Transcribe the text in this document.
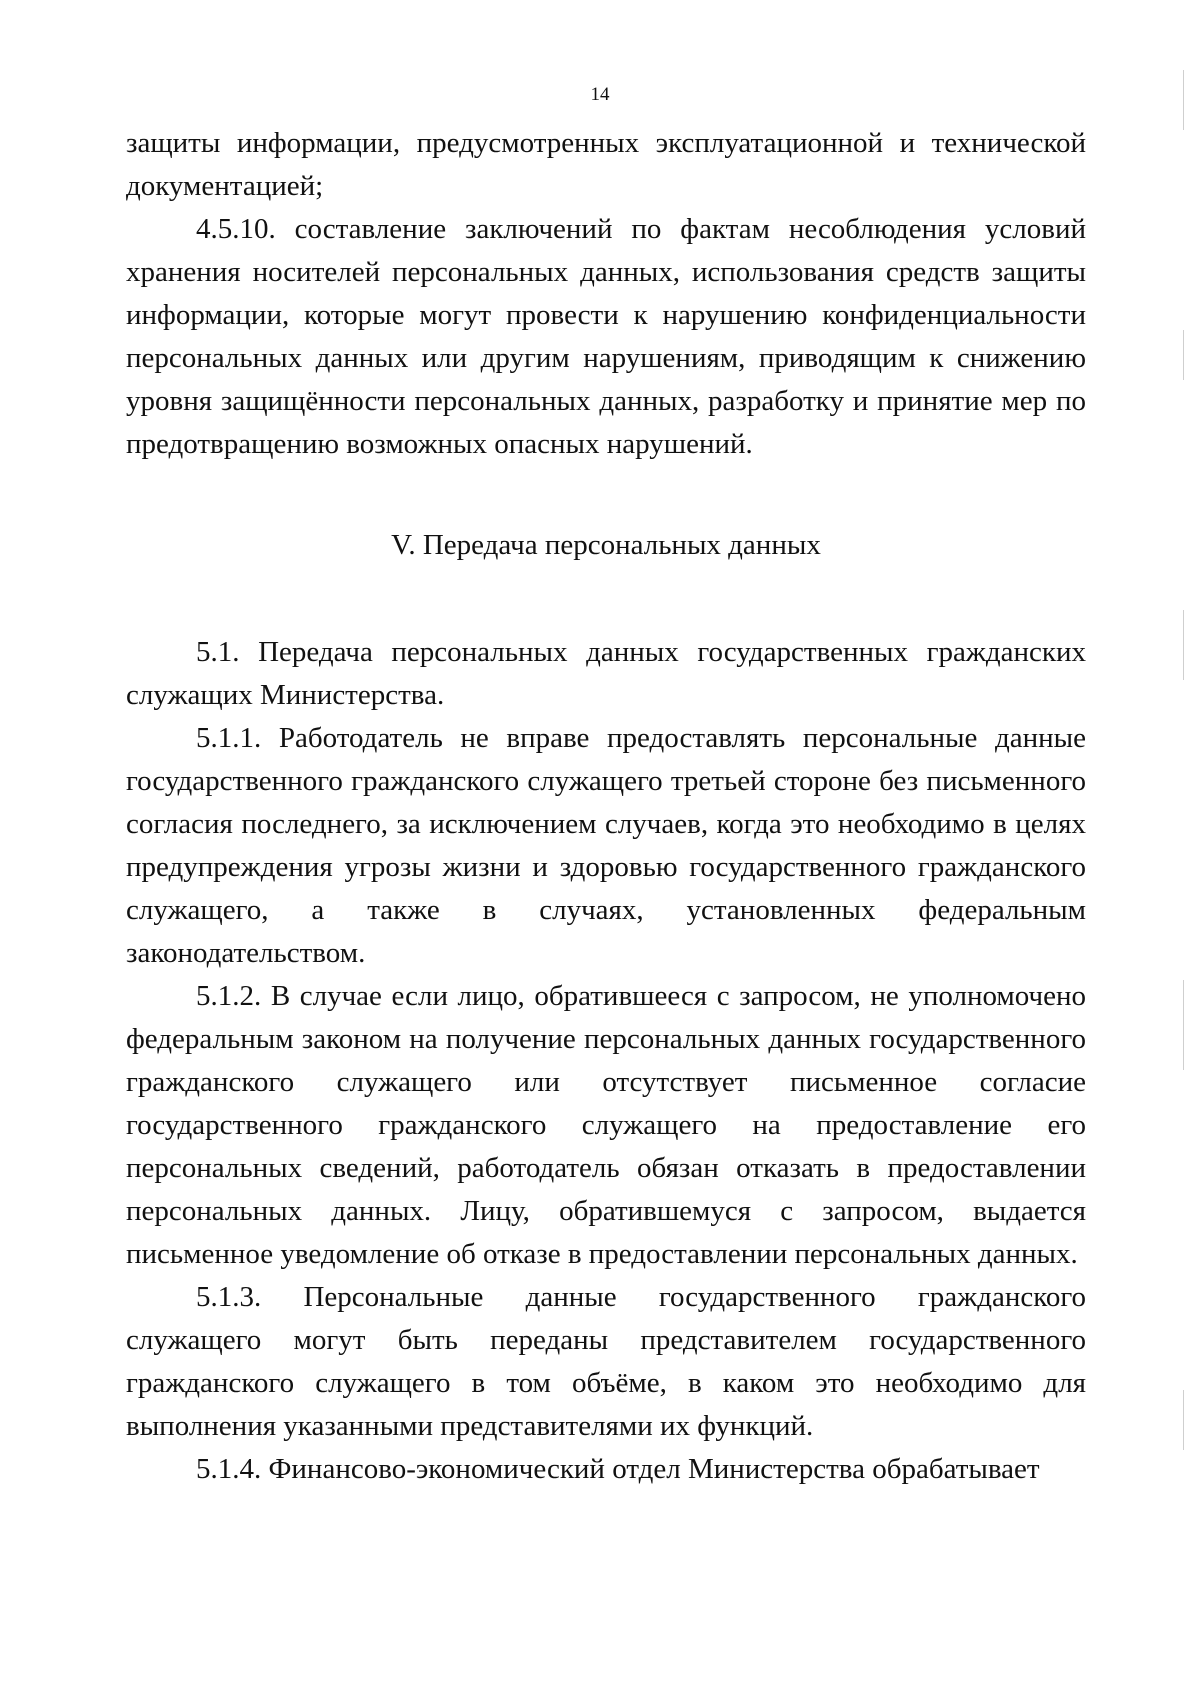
14

защиты информации, предусмотренных эксплуатационной и технической документацией;

4.5.10. составление заключений по фактам несоблюдения условий хранения носителей персональных данных, использования средств защиты информации, которые могут провести к нарушению конфиденциальности персональных данных или другим нарушениям, приводящим к снижению уровня защищённости персональных данных, разработку и принятие мер по предотвращению возможных опасных нарушений.

V. Передача персональных данных

5.1. Передача персональных данных государственных гражданских служащих Министерства.

5.1.1. Работодатель не вправе предоставлять персональные данные государственного гражданского служащего третьей стороне без письменного согласия последнего, за исключением случаев, когда это необходимо в целях предупреждения угрозы жизни и здоровью государственного гражданского служащего, а также в случаях, установленных федеральным законодательством.

5.1.2. В случае если лицо, обратившееся с запросом, не уполномочено федеральным законом на получение персональных данных государственного гражданского служащего или отсутствует письменное согласие государственного гражданского служащего на предоставление его персональных сведений, работодатель обязан отказать в предоставлении персональных данных. Лицу, обратившемуся с запросом, выдается письменное уведомление об отказе в предоставлении персональных данных.

5.1.3. Персональные данные государственного гражданского служащего могут быть переданы представителем государственного гражданского служащего в том объёме, в каком это необходимо для выполнения указанными представителями их функций.

5.1.4. Финансово-экономический отдел Министерства обрабатывает
